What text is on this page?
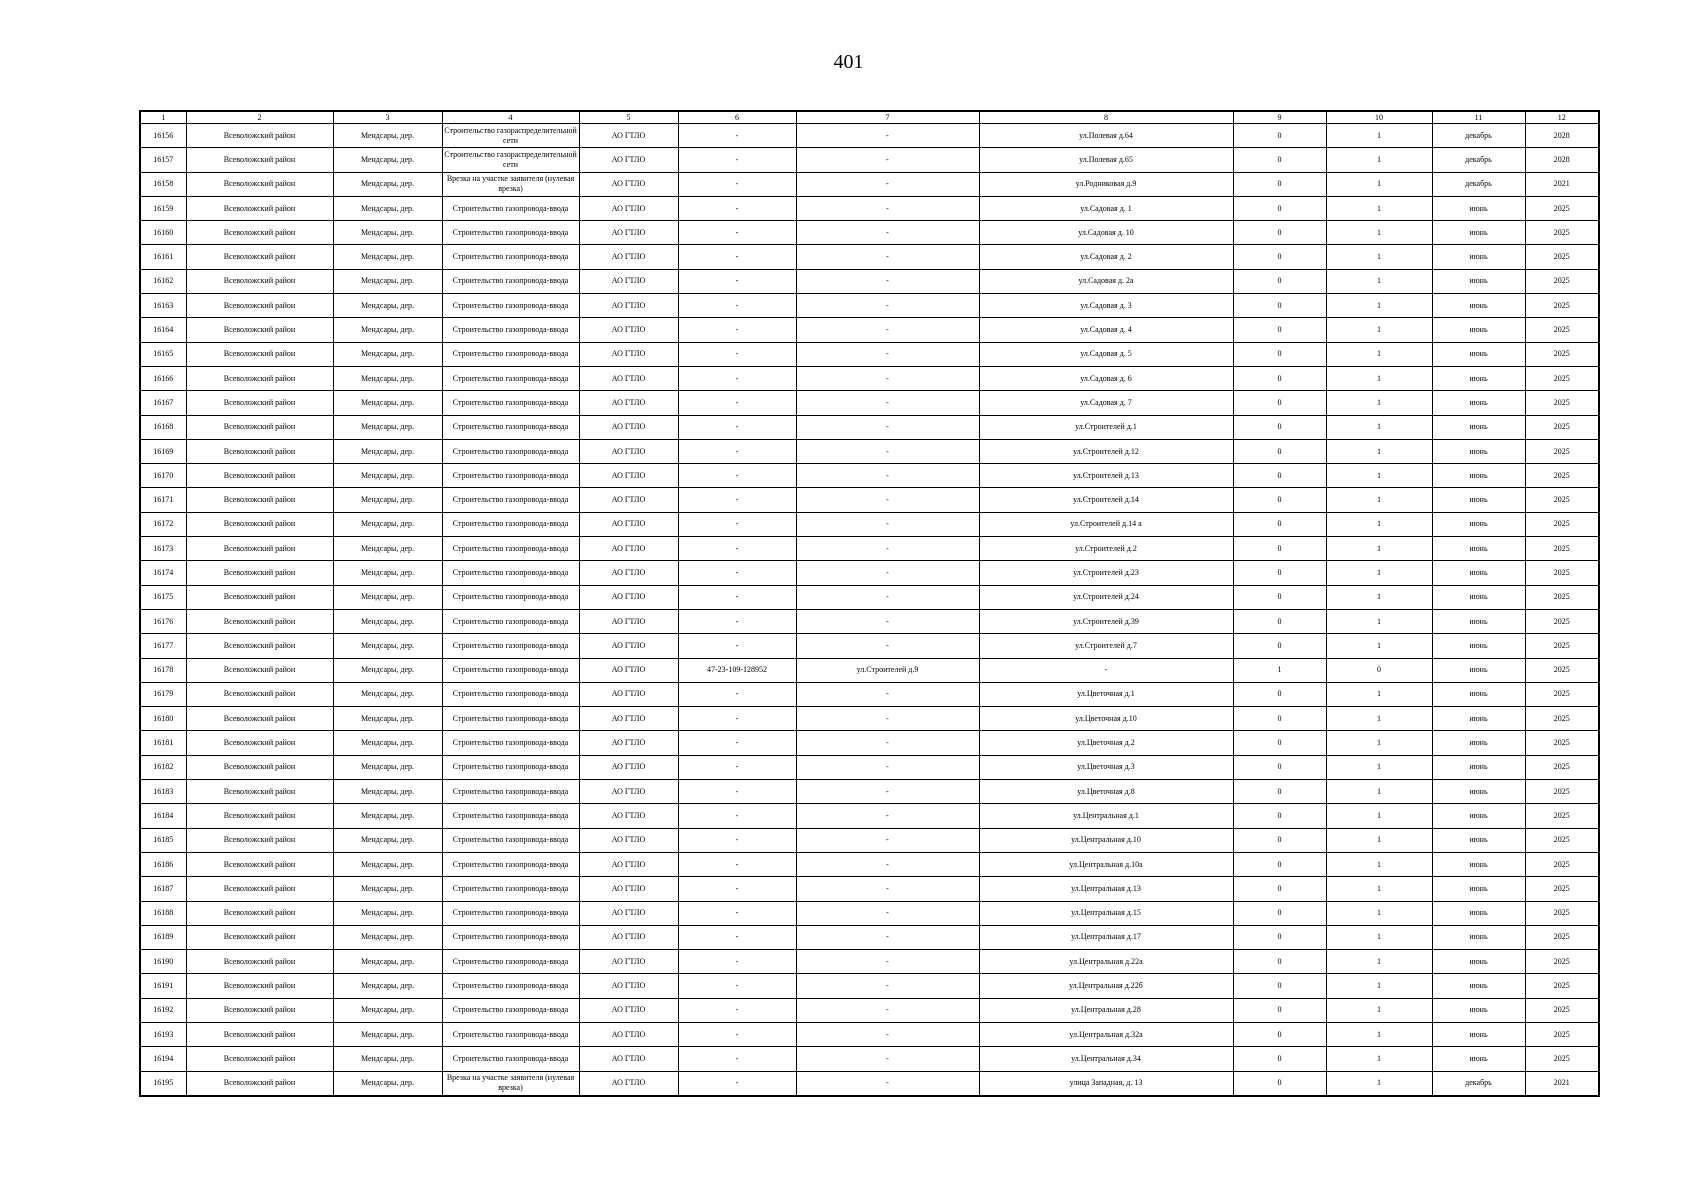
401
1	2	3	4	5	6	7	8	9	10	11	12
16156	Всеволожский район	Мендсары, дер.	Строительство газораспределительной сети	АО ГТЛО	-	-	ул.Полевая д.64	0	1	декабрь	2028
16157	Всеволожский район	Мендсары, дер.	Строительство газораспределительной сети	АО ГТЛО	-	-	ул.Полевая д.65	0	1	декабрь	2028
16158	Всеволожский район	Мендсары, дер.	Врезка на участке заявителя (нулевая врезка)	АО ГТЛО	-	-	ул.Родниковая д.9	0	1	декабрь	2021
16159	Всеволожский район	Мендсары, дер.	Строительство газопровода-ввода	АО ГТЛО	-	-	ул.Садовая д. 1	0	1	июнь	2025
16160	Всеволожский район	Мендсары, дер.	Строительство газопровода-ввода	АО ГТЛО	-	-	ул.Садовая д. 10	0	1	июнь	2025
16161	Всеволожский район	Мендсары, дер.	Строительство газопровода-ввода	АО ГТЛО	-	-	ул.Садовая д. 2	0	1	июнь	2025
16162	Всеволожский район	Мендсары, дер.	Строительство газопровода-ввода	АО ГТЛО	-	-	ул.Садовая д. 2а	0	1	июнь	2025
16163	Всеволожский район	Мендсары, дер.	Строительство газопровода-ввода	АО ГТЛО	-	-	ул.Садовая д. 3	0	1	июнь	2025
16164	Всеволожский район	Мендсары, дер.	Строительство газопровода-ввода	АО ГТЛО	-	-	ул.Садовая д. 4	0	1	июнь	2025
16165	Всеволожский район	Мендсары, дер.	Строительство газопровода-ввода	АО ГТЛО	-	-	ул.Садовая д. 5	0	1	июнь	2025
16166	Всеволожский район	Мендсары, дер.	Строительство газопровода-ввода	АО ГТЛО	-	-	ул.Садовая д. 6	0	1	июнь	2025
16167	Всеволожский район	Мендсары, дер.	Строительство газопровода-ввода	АО ГТЛО	-	-	ул.Садовая д. 7	0	1	июнь	2025
16168	Всеволожский район	Мендсары, дер.	Строительство газопровода-ввода	АО ГТЛО	-	-	ул.Строителей д.1	0	1	июнь	2025
16169	Всеволожский район	Мендсары, дер.	Строительство газопровода-ввода	АО ГТЛО	-	-	ул.Строителей д.12	0	1	июнь	2025
16170	Всеволожский район	Мендсары, дер.	Строительство газопровода-ввода	АО ГТЛО	-	-	ул.Строителей д.13	0	1	июнь	2025
16171	Всеволожский район	Мендсары, дер.	Строительство газопровода-ввода	АО ГТЛО	-	-	ул.Строителей д.14	0	1	июнь	2025
16172	Всеволожский район	Мендсары, дер.	Строительство газопровода-ввода	АО ГТЛО	-	-	ул.Строителей д.14 а	0	1	июнь	2025
16173	Всеволожский район	Мендсары, дер.	Строительство газопровода-ввода	АО ГТЛО	-	-	ул.Строителей д.2	0	1	июнь	2025
16174	Всеволожский район	Мендсары, дер.	Строительство газопровода-ввода	АО ГТЛО	-	-	ул.Строителей д.23	0	1	июнь	2025
16175	Всеволожский район	Мендсары, дер.	Строительство газопровода-ввода	АО ГТЛО	-	-	ул.Строителей д.24	0	1	июнь	2025
16176	Всеволожский район	Мендсары, дер.	Строительство газопровода-ввода	АО ГТЛО	-	-	ул.Строителей д.39	0	1	июнь	2025
16177	Всеволожский район	Мендсары, дер.	Строительство газопровода-ввода	АО ГТЛО	-	-	ул.Строителей д.7	0	1	июнь	2025
16178	Всеволожский район	Мендсары, дер.	Строительство газопровода-ввода	АО ГТЛО	47-23-109-128952	ул.Строителей д.9	-	1	0	июнь	2025
16179	Всеволожский район	Мендсары, дер.	Строительство газопровода-ввода	АО ГТЛО	-	-	ул.Цветочная д.1	0	1	июнь	2025
16180	Всеволожский район	Мендсары, дер.	Строительство газопровода-ввода	АО ГТЛО	-	-	ул.Цветочная д.10	0	1	июнь	2025
16181	Всеволожский район	Мендсары, дер.	Строительство газопровода-ввода	АО ГТЛО	-	-	ул.Цветочная д.2	0	1	июнь	2025
16182	Всеволожский район	Мендсары, дер.	Строительство газопровода-ввода	АО ГТЛО	-	-	ул.Цветочная д.3	0	1	июнь	2025
16183	Всеволожский район	Мендсары, дер.	Строительство газопровода-ввода	АО ГТЛО	-	-	ул.Цветочная д.8	0	1	июнь	2025
16184	Всеволожский район	Мендсары, дер.	Строительство газопровода-ввода	АО ГТЛО	-	-	ул.Центральная д.1	0	1	июнь	2025
16185	Всеволожский район	Мендсары, дер.	Строительство газопровода-ввода	АО ГТЛО	-	-	ул.Центральная д.10	0	1	июнь	2025
16186	Всеволожский район	Мендсары, дер.	Строительство газопровода-ввода	АО ГТЛО	-	-	ул.Центральная д.10а	0	1	июнь	2025
16187	Всеволожский район	Мендсары, дер.	Строительство газопровода-ввода	АО ГТЛО	-	-	ул.Центральная д.13	0	1	июнь	2025
16188	Всеволожский район	Мендсары, дер.	Строительство газопровода-ввода	АО ГТЛО	-	-	ул.Центральная д.15	0	1	июнь	2025
16189	Всеволожский район	Мендсары, дер.	Строительство газопровода-ввода	АО ГТЛО	-	-	ул.Центральная д.17	0	1	июнь	2025
16190	Всеволожский район	Мендсары, дер.	Строительство газопровода-ввода	АО ГТЛО	-	-	ул.Центральная д.22а	0	1	июнь	2025
16191	Всеволожский район	Мендсары, дер.	Строительство газопровода-ввода	АО ГТЛО	-	-	ул.Центральная д.22б	0	1	июнь	2025
16192	Всеволожский район	Мендсары, дер.	Строительство газопровода-ввода	АО ГТЛО	-	-	ул.Центральная д.28	0	1	июнь	2025
16193	Всеволожский район	Мендсары, дер.	Строительство газопровода-ввода	АО ГТЛО	-	-	ул.Центральная д.32а	0	1	июнь	2025
16194	Всеволожский район	Мендсары, дер.	Строительство газопровода-ввода	АО ГТЛО	-	-	ул.Центральная д.34	0	1	июнь	2025
16195	Всеволожский район	Мендсары, дер.	Врезка на участке заявителя (нулевая врезка)	АО ГТЛО	-	-	улица Западная, д. 13	0	1	декабрь	2021
